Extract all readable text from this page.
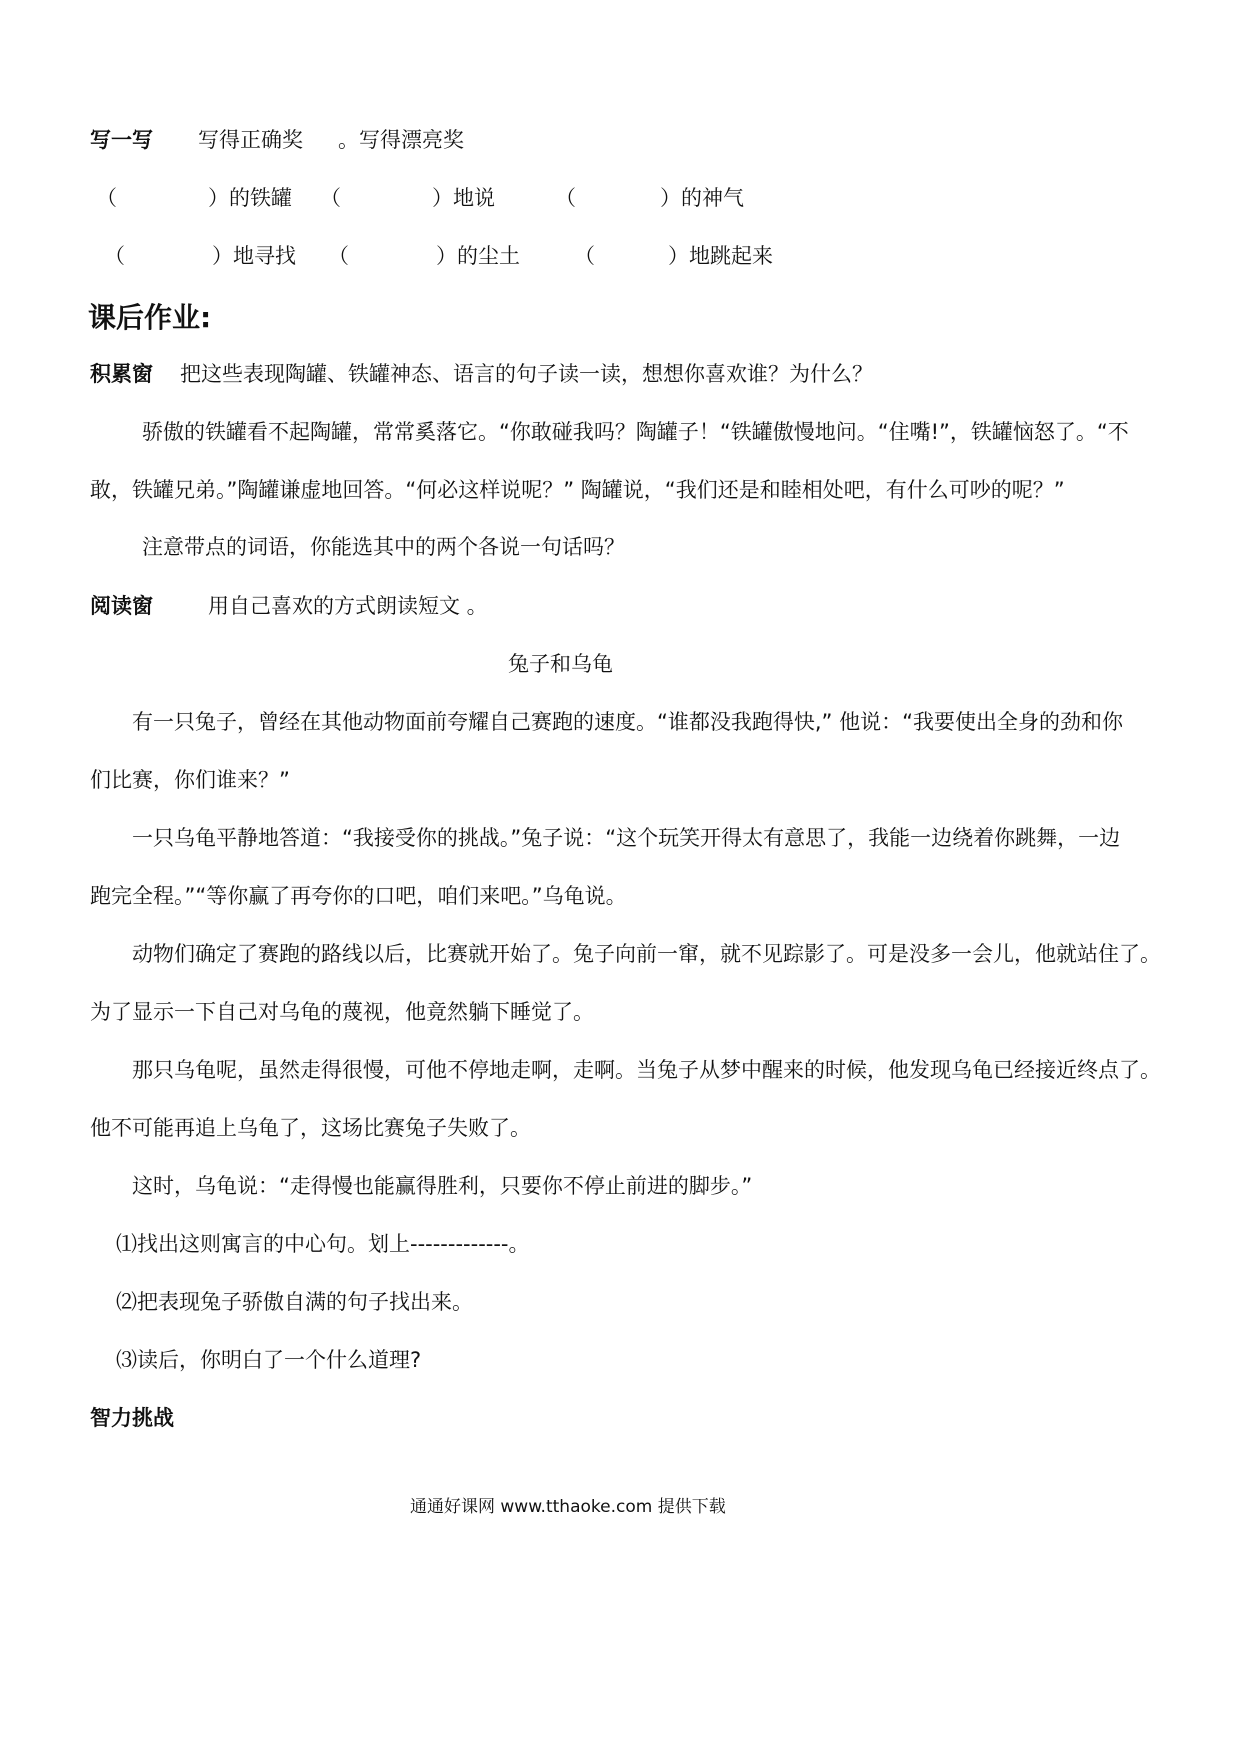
写一写 写得正确奖 。写得漂亮奖
（	）的铁罐 （	）地说	（	）的神气
（	）地寻找 （	）的尘土	（	）地跳起来
课后作业:
积累窗 把这些表现陶罐、铁罐神态、语言的句子读一读，想想你喜欢谁？为什么？
骄傲的铁罐看不起陶罐，常常奚落它。“你敢碰我吗？陶罐子！“铁罐傲慢地问。“住嘴!”，铁罐恼怒了。“不
敢，铁罐兄弟。”陶罐谦虚地回答。“何必这样说呢？” 陶罐说，“我们还是和睦相处吧，有什么可吵的呢？”
注意带点的词语，你能选其中的两个各说一句话吗？
阅读窗	用自己喜欢的方式朗读短文 。
兔子和乌龟
有一只兔子，曾经在其他动物面前夸耀自己赛跑的速度。“谁都没我跑得快,” 他说：“我要使出全身的劲和你
们比赛，你们谁来？”
一只乌龟平静地答道：“我接受你的挑战。”兔子说：“这个玩笑开得太有意思了，我能一边绕着你跳舞，一边
跑完全程。”“等你赢了再夸你的口吧，咱们来吧。”乌龟说。
动物们确定了赛跑的路线以后，比赛就开始了。兔子向前一窜，就不见踪影了。可是没多一会儿，他就站住了。
为了显示一下自己对乌龟的蔑视，他竟然躺下睡觉了。
那只乌龟呢，虽然走得很慢，可他不停地走啊，走啊。当兔子从梦中醒来的时候，他发现乌龟已经接近终点了。
他不可能再追上乌龟了，这场比赛兔子失败了。
这时，乌龟说：“走得慢也能赢得胜利，只要你不停止前进的脚步。”
⑴找出这则寓言的中心句。划上-------------。
⑵把表现兔子骄傲自满的句子找出来。
⑶读后，你明白了一个什么道理?
智力挑战
通通好课网 www.tthaoke.com 提供下载
